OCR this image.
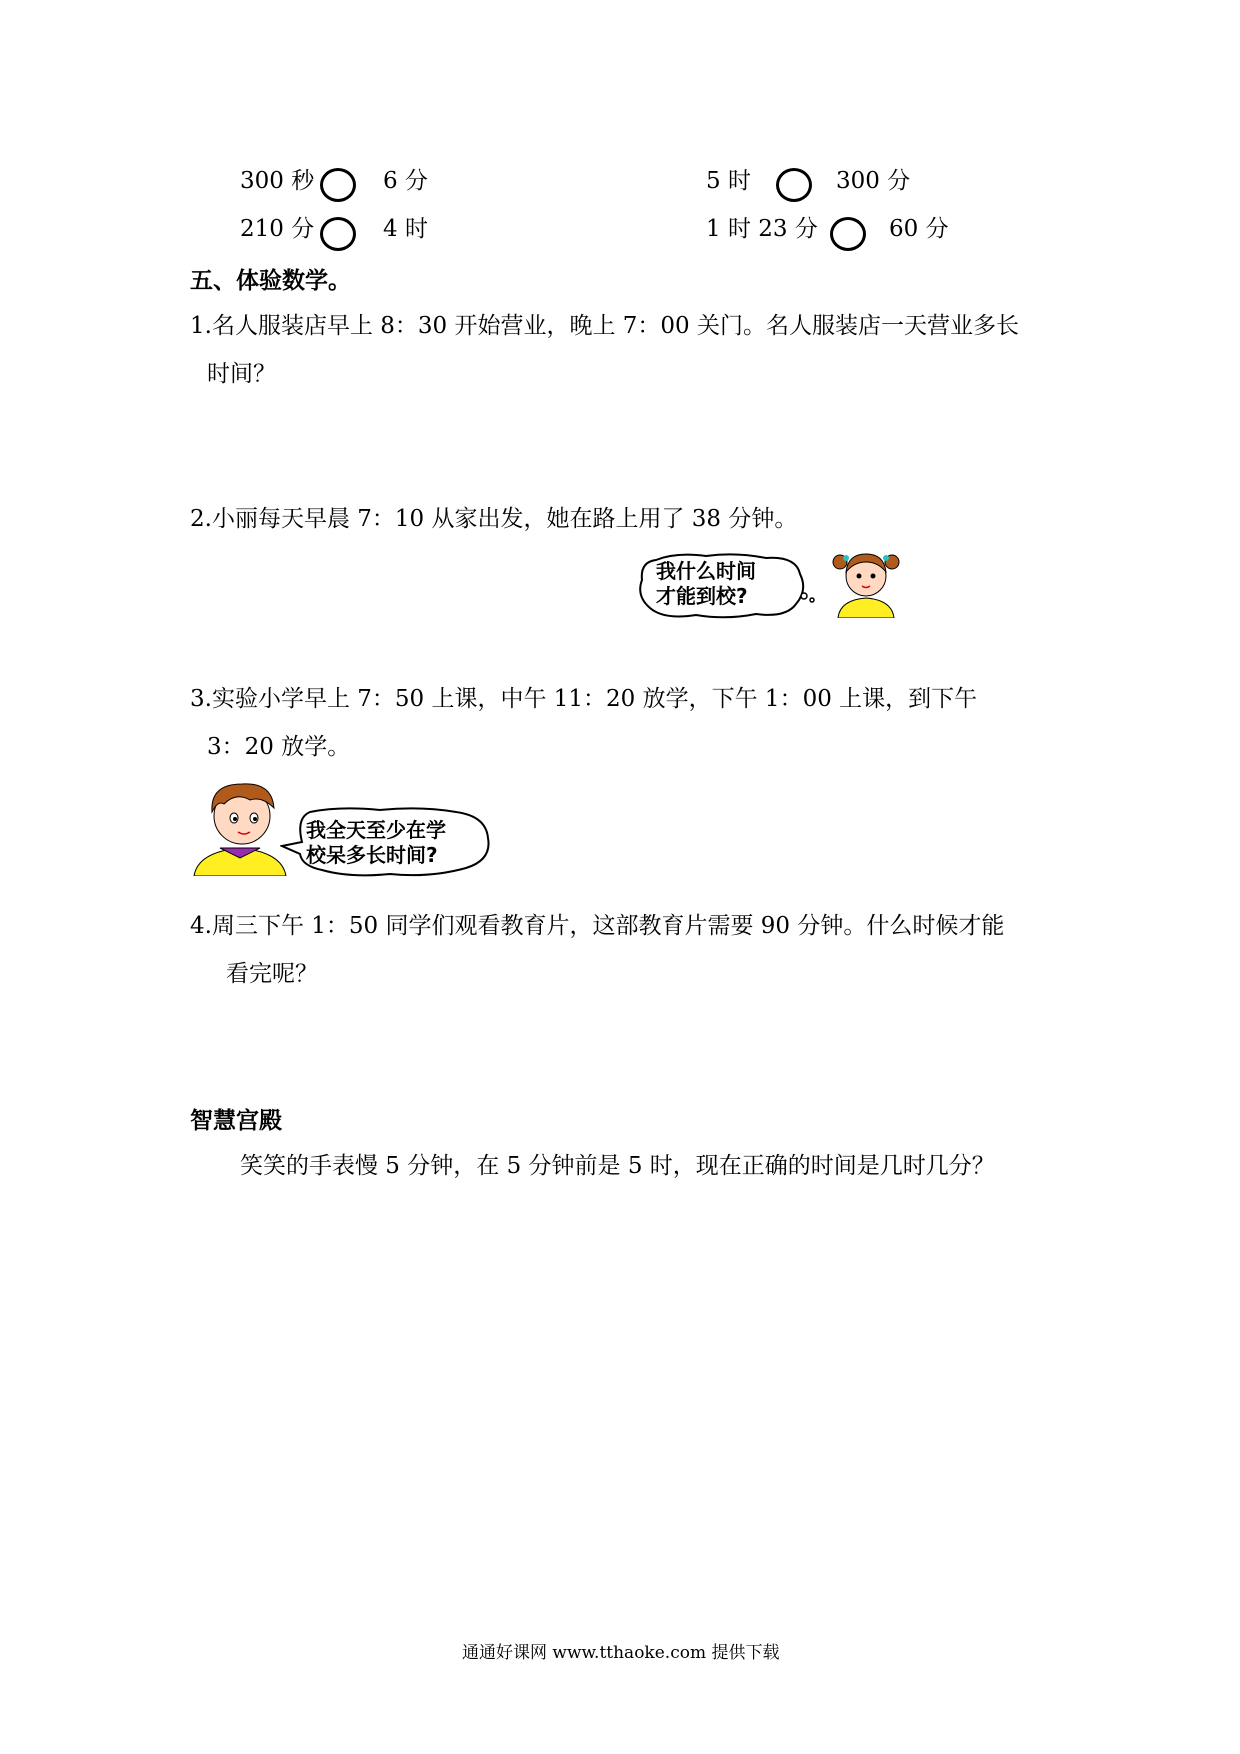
300 秒	6 分	5 时	300 分
210 分	4 时	1 时 23 分	60 分
五、体验数学。
1.名人服装店早上 8：30 开始营业，晚上 7：00 关门。名人服装店一天营业多长
时间？
2.小丽每天早晨 7：10 从家出发，她在路上用了 38 分钟。
我什么时间
才能到校?
3.实验小学早上 7：50 上课，中午 11：20 放学，下午 1：00 上课，到下午
3：20 放学。
我全天至少在学
校呆多长时间?
4.周三下午 1：50 同学们观看教育片，这部教育片需要 90 分钟。什么时候才能
看完呢？
智慧宫殿
笑笑的手表慢 5 分钟，在 5 分钟前是 5 时，现在正确的时间是几时几分？
通通好课网 www.tthaoke.com 提供下载
